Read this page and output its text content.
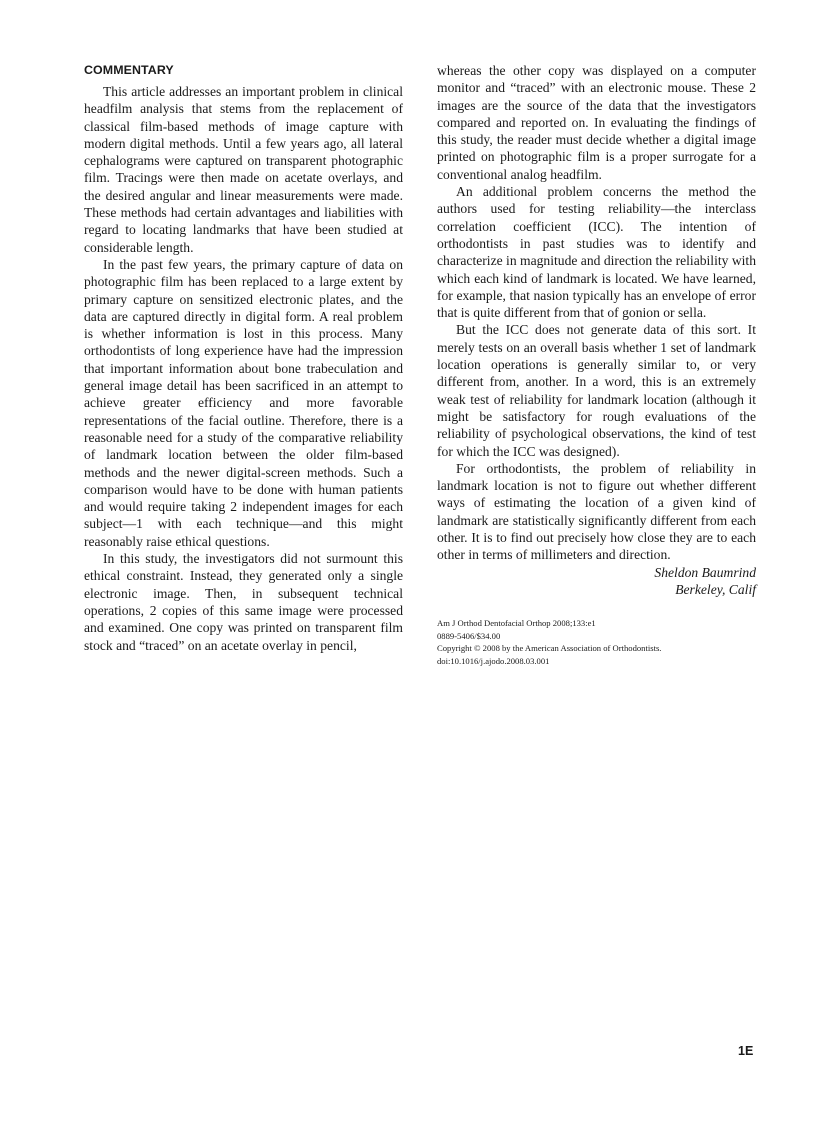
COMMENTARY

This article addresses an important problem in clinical headfilm analysis that stems from the replacement of classical film-based methods of image capture with modern digital methods. Until a few years ago, all lateral cephalograms were captured on transparent photographic film. Tracings were then made on acetate overlays, and the desired angular and linear measurements were made. These methods had certain advantages and liabilities with regard to locating landmarks that have been studied at considerable length.

In the past few years, the primary capture of data on photographic film has been replaced to a large extent by primary capture on sensitized electronic plates, and the data are captured directly in digital form. A real problem is whether information is lost in this process. Many orthodontists of long experience have had the impression that important information about bone trabeculation and general image detail has been sacrificed in an attempt to achieve greater efficiency and more favorable representations of the facial outline. Therefore, there is a reasonable need for a study of the comparative reliability of landmark location between the older film-based methods and the newer digital-screen methods. Such a comparison would have to be done with human patients and would require taking 2 independent images for each subject—1 with each technique—and this might reasonably raise ethical questions.

In this study, the investigators did not surmount this ethical constraint. Instead, they generated only a single electronic image. Then, in subsequent technical operations, 2 copies of this same image were processed and examined. One copy was printed on transparent film stock and “traced” on an acetate overlay in pencil,

whereas the other copy was displayed on a computer monitor and “traced” with an electronic mouse. These 2 images are the source of the data that the investigators compared and reported on. In evaluating the findings of this study, the reader must decide whether a digital image printed on photographic film is a proper surrogate for a conventional analog headfilm.

An additional problem concerns the method the authors used for testing reliability—the interclass correlation coefficient (ICC). The intention of orthodontists in past studies was to identify and characterize in magnitude and direction the reliability with which each kind of landmark is located. We have learned, for example, that nasion typically has an envelope of error that is quite different from that of gonion or sella.

But the ICC does not generate data of this sort. It merely tests on an overall basis whether 1 set of landmark location operations is generally similar to, or very different from, another. In a word, this is an extremely weak test of reliability for landmark location (although it might be satisfactory for rough evaluations of the reliability of psychological observations, the kind of test for which the ICC was designed).

For orthodontists, the problem of reliability in landmark location is not to figure out whether different ways of estimating the location of a given kind of landmark are statistically significantly different from each other. It is to find out precisely how close they are to each other in terms of millimeters and direction.

Sheldon Baumrind

Berkeley, Calif

Am J Orthod Dentofacial Orthop 2008;133:e1
0889-5406/$34.00
Copyright © 2008 by the American Association of Orthodontists.
doi:10.1016/j.ajodo.2008.03.001
1E
